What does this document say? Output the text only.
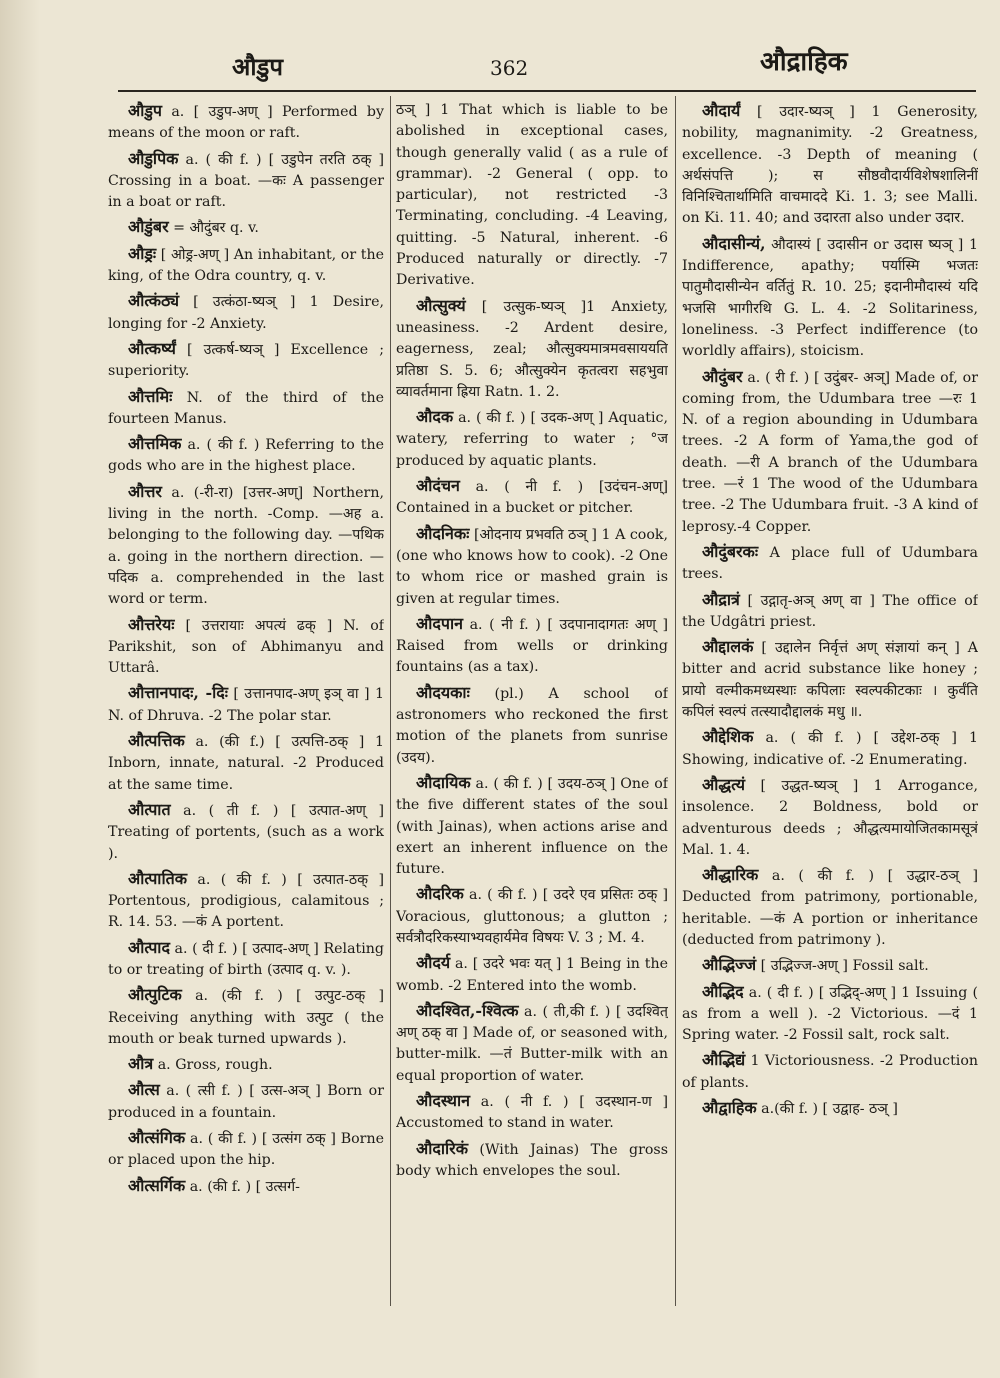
औडुप	362	औद्राहिक

औडुप a. [ उडुप-अण् ] Performed by means of the moon or raft.

औडुपिक a. ( की f. ) [ उडुपेन तरति ठक् ] Crossing in a boat. —कः A passenger in a boat or raft.

औडुंबर = औदुंबर q. v.

औड्रः [ ओड्र-अण् ] An inhabitant, or the king, of the Odra country, q. v.

औत्कंठ्यं [ उत्कंठा-ष्यञ् ] 1 Desire, longing for -2 Anxiety.

औत्कर्ष्यं [ उत्कर्ष-ष्यञ् ] Excellence ; superiority.

औत्तमिः N. of the third of the fourteen Manus.

औत्तमिक a. ( की f. ) Referring to the gods who are in the highest place.

औत्तर a. (-री-रा) [उत्तर-अण्] Northern, living in the north. -Comp. —अह a. belonging to the following day. —पथिक a. going in the northern direction. —पदिक a. comprehended in the last word or term.

औत्तरेयः [ उत्तरायाः अपत्यं ढक् ] N. of Parikshit, son of Abhimanyu and Uttarâ.

औत्तानपादः, -दिः [ उत्तानपाद-अण् इञ् वा ] 1 N. of Dhruva. -2 The polar star.

औत्पत्तिक a. (की f.) [ उत्पत्ति-ठक् ] 1 Inborn, innate, natural. -2 Produced at the same time.

औत्पात a. ( ती f. ) [ उत्पात-अण् ] Treating of portents, (such as a work ).

औत्पातिक a. ( की f. ) [ उत्पात-ठक् ] Portentous, prodigious, calamitous ; R. 14. 53. —कं A portent.

औत्पाद a. ( दी f. ) [ उत्पाद-अण् ] Relating to or treating of birth (उत्पाद q. v. ).

औत्पुटिक a. (की f. ) [ उत्पुट-ठक् ] Receiving anything with उत्पुट ( the mouth or beak turned upwards ).

औत्र a. Gross, rough.

औत्स a. ( त्सी f. ) [ उत्स-अञ् ] Born or produced in a fountain.

औत्संगिक a. ( की f. ) [ उत्संग ठक् ] Borne or placed upon the hip.

औत्सर्गिक a. (की f. ) [ उत्सर्ग-

ठञ् ] 1 That which is liable to be abolished in exceptional cases, though generally valid ( as a rule of grammar). -2 General ( opp. to particular), not restricted -3 Terminating, concluding. -4 Leaving, quitting. -5 Natural, inherent. -6 Produced naturally or directly. -7 Derivative.

औत्सुक्यं [ उत्सुक-ष्यञ् ]1 Anxiety, uneasiness. -2 Ardent desire, eagerness, zeal; औत्सुक्यमात्रमवसाययति प्रतिष्ठा S. 5. 6; औत्सुक्येन कृतत्वरा सहभुवा व्यावर्तमाना ह्रिया Ratn. 1. 2.

औदक a. ( की f. ) [ उदक-अण् ] Aquatic, watery, referring to water ; °ज produced by aquatic plants.

औदंचन a. ( नी f. ) [उदंचन-अण्] Contained in a bucket or pitcher.

औदनिकः [ओदनाय प्रभवति ठञ् ] 1 A cook, (one who knows how to cook). -2 One to whom rice or mashed grain is given at regular times.

औदपान a. ( नी f. ) [ उदपानादागतः अण् ] Raised from wells or drinking fountains (as a tax).

औदयकाः (pl.) A school of astronomers who reckoned the first motion of the planets from sunrise (उदय).

औदायिक a. ( की f. ) [ उदय-ठञ् ] One of the five different states of the soul (with Jainas), when actions arise and exert an inherent influence on the future.

औदरिक a. ( की f. ) [ उदरे एव प्रसितः ठक् ] Voracious, gluttonous; a glutton ; सर्वत्रौदरिकस्याभ्यवहार्यमेव विषयः V. 3 ; M. 4.

औदर्य a. [ उदरे भवः यत् ] 1 Being in the womb. -2 Entered into the womb.

औदश्वित,-श्वित्क a. ( ती,की f. ) [ उदश्वित् अण् ठक् वा ] Made of, or seasoned with, butter-milk. —तं Butter-milk with an equal proportion of water.

औदस्थान a. ( नी f. ) [ उदस्थान-ण ] Accustomed to stand in water.

औदारिकं (With Jainas) The gross body which envelopes the soul.

औदार्यं [ उदार-ष्यञ् ] 1 Generosity, nobility, magnanimity. -2 Greatness, excellence. -3 Depth of meaning ( अर्थसंपत्ति ); स सौष्ठवौदार्यविशेषशालिनीं विनिश्चितार्थामिति वाचमाददे Ki. 1. 3; see Malli. on Ki. 11. 40; and उदारता also under उदार.

औदासीन्यं, औदास्यं [ उदासीन or उदास ष्यञ् ] 1 Indifference, apathy; पर्यास्मि भजतः पातुमौदासीन्येन वर्तितुं R. 10. 25; इदानीमौदास्यं यदि भजसि भागीरथि G. L. 4. -2 Solitariness, loneliness. -3 Perfect indifference (to worldly affairs), stoicism.

औदुंबर a. ( री f. ) [ उदुंबर- अञ्] Made of, or coming from, the Udumbara tree —रः 1 N. of a region abounding in Udumbara trees. -2 A form of Yama,the god of death. —री A branch of the Udumbara tree. —रं 1 The wood of the Udumbara tree. -2 The Udumbara fruit. -3 A kind of leprosy.-4 Copper.

औदुंबरकः A place full of Udumbara trees.

औद्रात्रं [ उद्गातृ-अञ् अण् वा ] The office of the Udgâtri priest.

औद्दालकं [ उद्दालेन निर्वृत्तं अण् संज्ञायां कन् ] A bitter and acrid substance like honey ; प्रायो वल्मीकमध्यस्थाः कपिलाः स्वल्पकीटकाः । कुर्वंति कपिलं स्वल्पं तत्स्यादौद्दालकं मधु ॥.

औद्देशिक a. ( की f. ) [ उद्देश-ठक् ] 1 Showing, indicative of. -2 Enumerating.

औद्धत्यं [ उद्धत-ष्यञ् ] 1 Arrogance, insolence. 2 Boldness, bold or adventurous deeds ; औद्धत्यमायोजितकामसूत्रं Mal. 1. 4.

औद्धारिक a. ( की f. ) [ उद्धार-ठञ् ] Deducted from patrimony, portionable, heritable. —कं A portion or inheritance (deducted from patrimony ).

औद्भिज्जं [ उद्भिज्ज-अण् ] Fossil salt.

औद्भिद a. ( दी f. ) [ उद्भिद्-अण् ] 1 Issuing ( as from a well ). -2 Victorious. —दं 1 Spring water. -2 Fossil salt, rock salt.

औद्भिद्यं 1 Victoriousness. -2 Production of plants.

औद्वाहिक a.(की f. ) [ उद्वाह- ठञ् ]
